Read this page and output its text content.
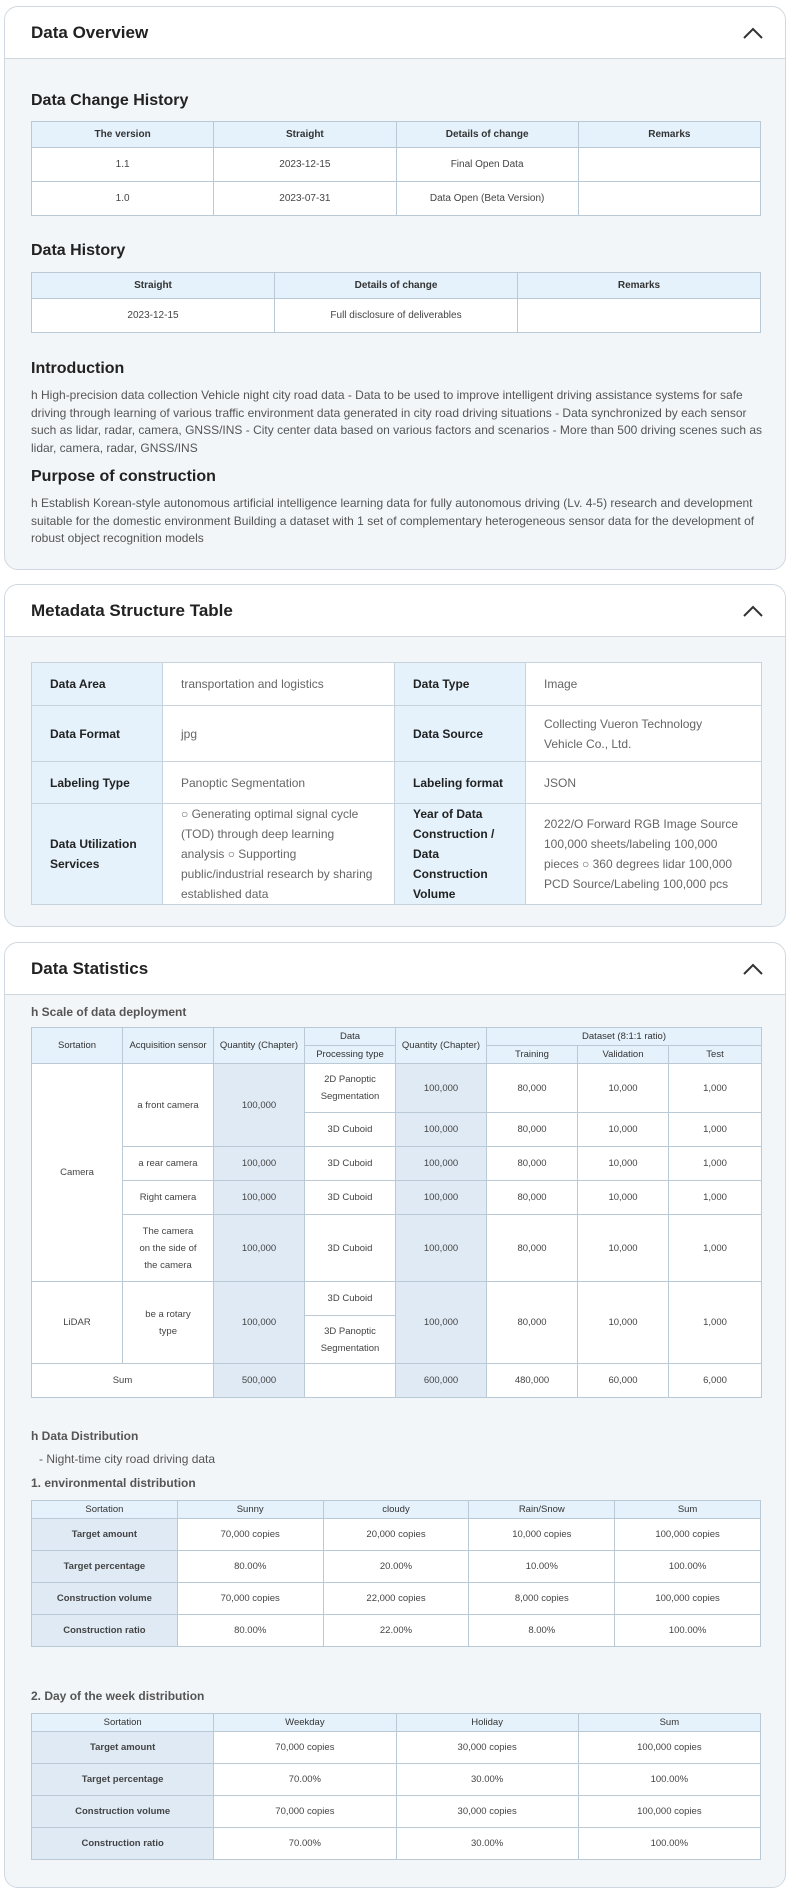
Data Overview
Data Change History
The version	Straight	Details of change	Remarks
1.1	2023-12-15	Final Open Data	
1.0	2023-07-31	Data Open (Beta Version)	
Data History
Straight	Details of change	Remarks
2023-12-15	Full disclosure of deliverables	
Introduction
h High-precision data collection Vehicle night city road data - Data to be used to improve intelligent driving assistance systems for safe driving through learning of various traffic environment data generated in city road driving situations - Data synchronized by each sensor such as lidar, radar, camera, GNSS/INS - City center data based on various factors and scenarios - More than 500 driving scenes such as lidar, camera, radar, GNSS/INS
Purpose of construction
h Establish Korean-style autonomous artificial intelligence learning data for fully autonomous driving (Lv. 4-5) research and development suitable for the domestic environment Building a dataset with 1 set of complementary heterogeneous sensor data for the development of robust object recognition models
Metadata Structure Table
Data Area	transportation and logistics	Data Type	Image
Data Format	jpg	Data Source	Collecting Vueron Technology Vehicle Co., Ltd.
Labeling Type	Panoptic Segmentation	Labeling format	JSON
Data Utilization Services	○ Generating optimal signal cycle (TOD) through deep learning analysis ○ Supporting public/industrial research by sharing established data	Year of Data Construction / Data Construction Volume	2022/O Forward RGB Image Source 100,000 sheets/labeling 100,000 pieces ○ 360 degrees lidar 100,000 PCD Source/Labeling 100,000 pcs
Data Statistics
h Scale of data deployment
Sortation	Acquisition sensor	Quantity (Chapter)	Data	Quantity (Chapter)	Dataset (8:1:1 ratio)		
			Processing type		Training	Validation	Test
Camera	a front camera	100,000	2D Panoptic Segmentation	100,000	80,000	10,000	1,000
			3D Cuboid	100,000	80,000	10,000	1,000
	a rear camera	100,000	3D Cuboid	100,000	80,000	10,000	1,000
	Right camera	100,000	3D Cuboid	100,000	80,000	10,000	1,000
	The camera on the side of the camera	100,000	3D Cuboid	100,000	80,000	10,000	1,000
LiDAR	be a rotary type	100,000	3D Cuboid	100,000	80,000	10,000	1,000
			3D Panoptic Segmentation				
Sum		500,000		600,000	480,000	60,000	6,000
h Data Distribution
- Night-time city road driving data
1. environmental distribution
Sortation	Sunny	cloudy	Rain/Snow	Sum
Target amount	70,000 copies	20,000 copies	10,000 copies	100,000 copies
Target percentage	80.00%	20.00%	10.00%	100.00%
Construction volume	70,000 copies	22,000 copies	8,000 copies	100,000 copies
Construction ratio	80.00%	22.00%	8.00%	100.00%
2. Day of the week distribution
Sortation	Weekday	Holiday	Sum
Target amount	70,000 copies	30,000 copies	100,000 copies
Target percentage	70.00%	30.00%	100.00%
Construction volume	70,000 copies	30,000 copies	100,000 copies
Construction ratio	70.00%	30.00%	100.00%
